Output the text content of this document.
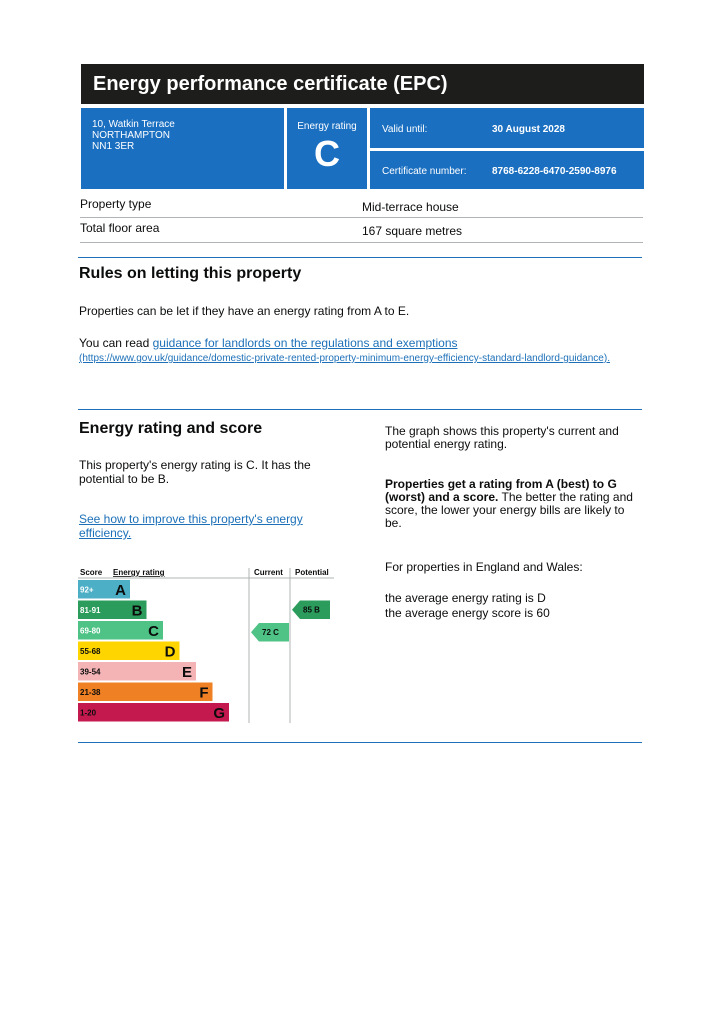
Energy performance certificate (EPC)
10, Watkin Terrace
NORTHAMPTON
NN1 3ER
Energy rating
C
Valid until:	30 August 2028
Certificate number:	8768-6228-6470-2590-8976
Property type	Mid-terrace house
Total floor area	167 square metres
Rules on letting this property

Properties can be let if they have an energy rating from A to E.

You can read guidance for landlords on the regulations and exemptions
(https://www.gov.uk/guidance/domestic-private-rented-property-minimum-energy-efficiency-standard-landlord-guidance).
Energy rating and score

This property's energy rating is C. It has the potential to be B.

See how to improve this property's energy efficiency.
Score Energy rating	Current Potential
92+ A
81-91 B
69-80	C
55-68	D
39-54	E
21-38	F
1-20	G
72 C
85 B

The graph shows this property's current and potential energy rating.

Properties get a rating from A (best) to G (worst) and a score. The better the rating and score, the lower your energy bills are likely to be.

For properties in England and Wales:

the average energy rating is D

the average energy score is 60
